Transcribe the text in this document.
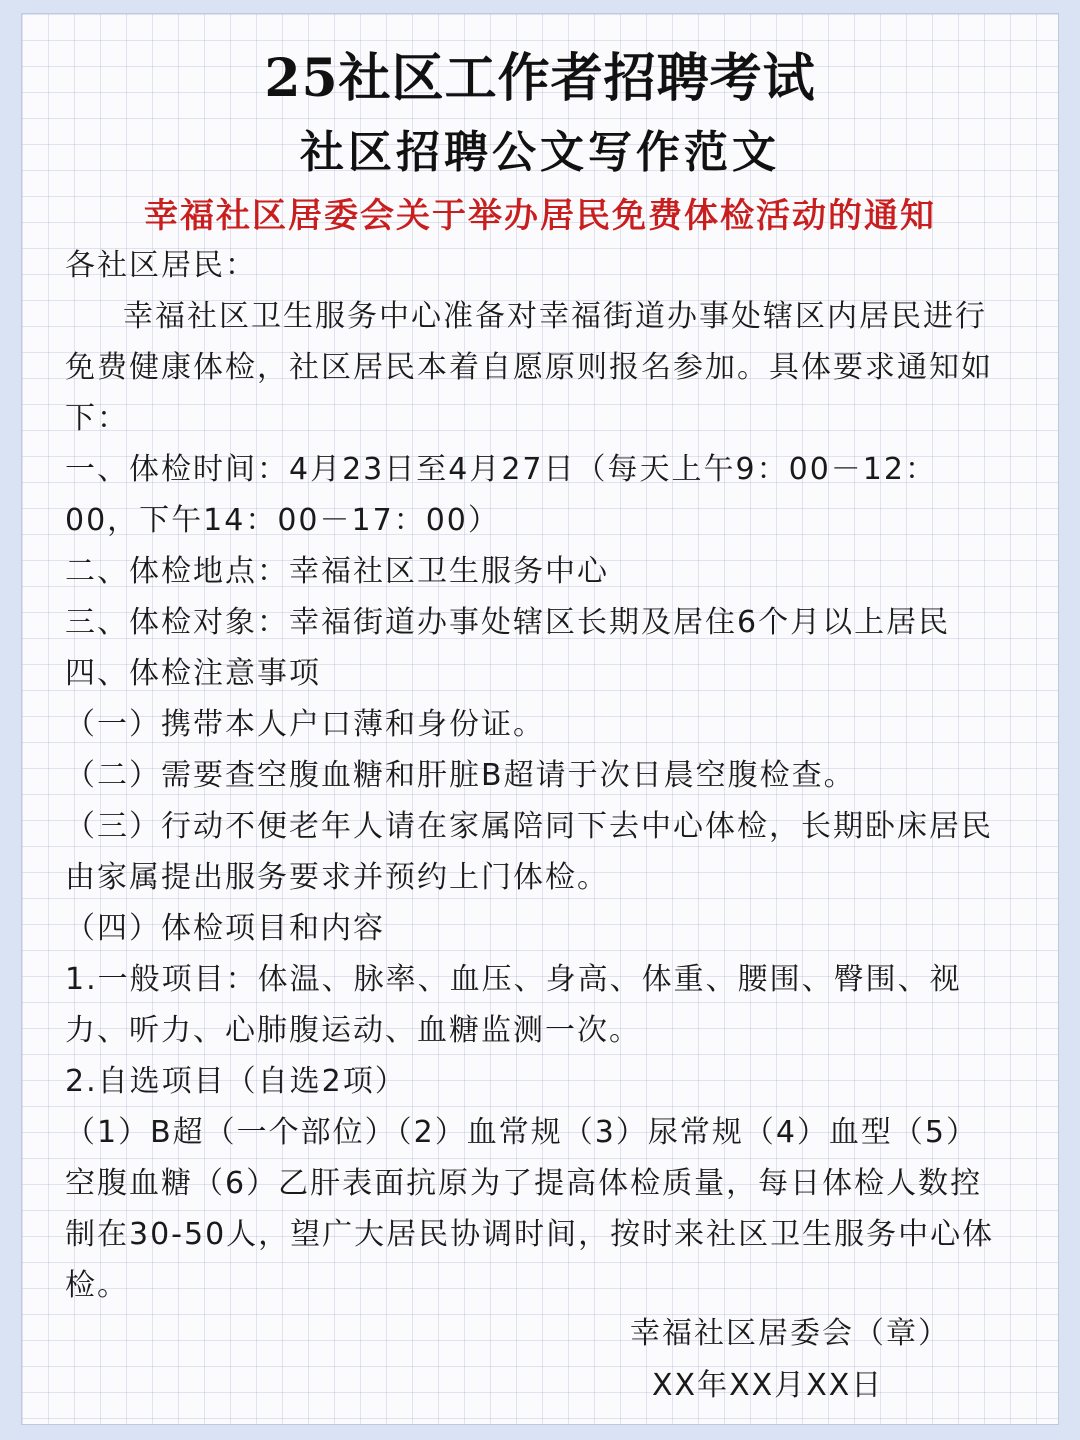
25社区工作者招聘考试
社区招聘公文写作范文
幸福社区居委会关于举办居民免费体检活动的通知

各社区居民：

幸福社区卫生服务中心准备对幸福街道办事处辖区内居民进行免费健康体检，社区居民本着自愿原则报名参加。具体要求通知如下：

一、体检时间：4月23日至4月27日（每天上午9：00－12：00，下午14：00－17：00）

二、体检地点：幸福社区卫生服务中心

三、体检对象：幸福街道办事处辖区长期及居住6个月以上居民

四、体检注意事项

（一）携带本人户口薄和身份证。

（二）需要查空腹血糖和肝脏B超请于次日晨空腹检查。

（三）行动不便老年人请在家属陪同下去中心体检，长期卧床居民由家属提出服务要求并预约上门体检。

（四）体检项目和内容

1.一般项目：体温、脉率、血压、身高、体重、腰围、臀围、视力、听力、心肺腹运动、血糖监测一次。

2.自选项目（自选2项）

（1）B超（一个部位）（2）血常规（3）尿常规（4）血型（5）空腹血糖（6）乙肝表面抗原为了提高体检质量，每日体检人数控制在30-50人，望广大居民协调时间，按时来社区卫生服务中心体检。

幸福社区居委会（章）
XX年XX月XX日
